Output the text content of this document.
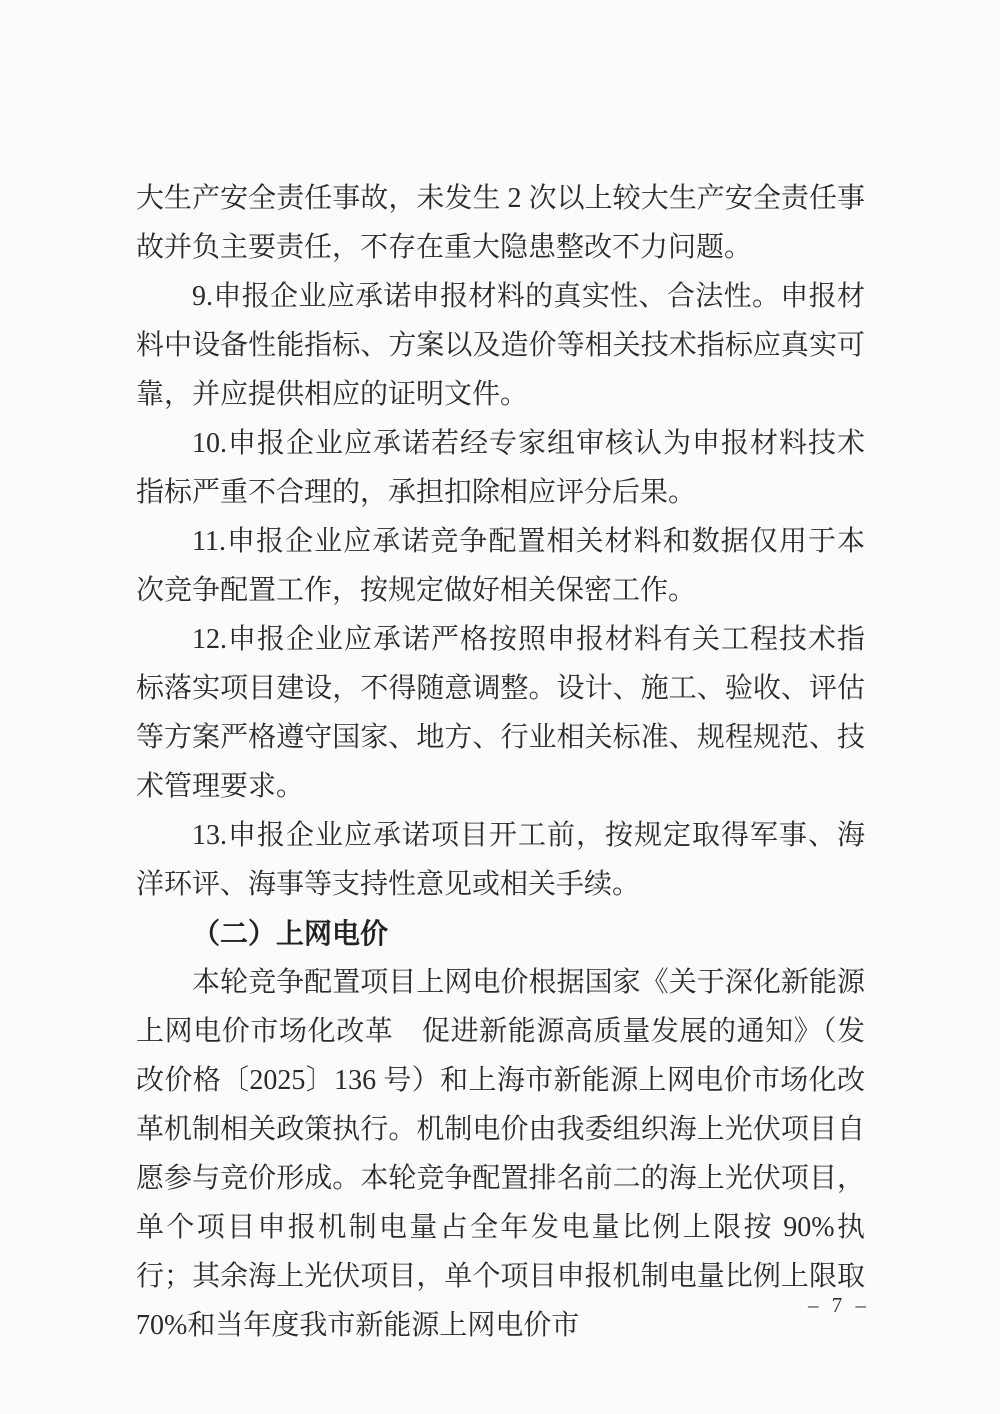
大生产安全责任事故，未发生 2 次以上较大生产安全责任事故并负主要责任，不存在重大隐患整改不力问题。

9.申报企业应承诺申报材料的真实性、合法性。申报材料中设备性能指标、方案以及造价等相关技术指标应真实可靠，并应提供相应的证明文件。

10.申报企业应承诺若经专家组审核认为申报材料技术指标严重不合理的，承担扣除相应评分后果。

11.申报企业应承诺竞争配置相关材料和数据仅用于本次竞争配置工作，按规定做好相关保密工作。

12.申报企业应承诺严格按照申报材料有关工程技术指标落实项目建设，不得随意调整。设计、施工、验收、评估等方案严格遵守国家、地方、行业相关标准、规程规范、技术管理要求。

13.申报企业应承诺项目开工前，按规定取得军事、海洋环评、海事等支持性意见或相关手续。

（二）上网电价

本轮竞争配置项目上网电价根据国家《关于深化新能源上网电价市场化改革　促进新能源高质量发展的通知》（发改价格〔2025〕136 号）和上海市新能源上网电价市场化改革机制相关政策执行。机制电价由我委组织海上光伏项目自愿参与竞价形成。本轮竞争配置排名前二的海上光伏项目，单个项目申报机制电量占全年发电量比例上限按 90%执行；其余海上光伏项目，单个项目申报机制电量比例上限取 70%和当年度我市新能源上网电价市

– 7 –
